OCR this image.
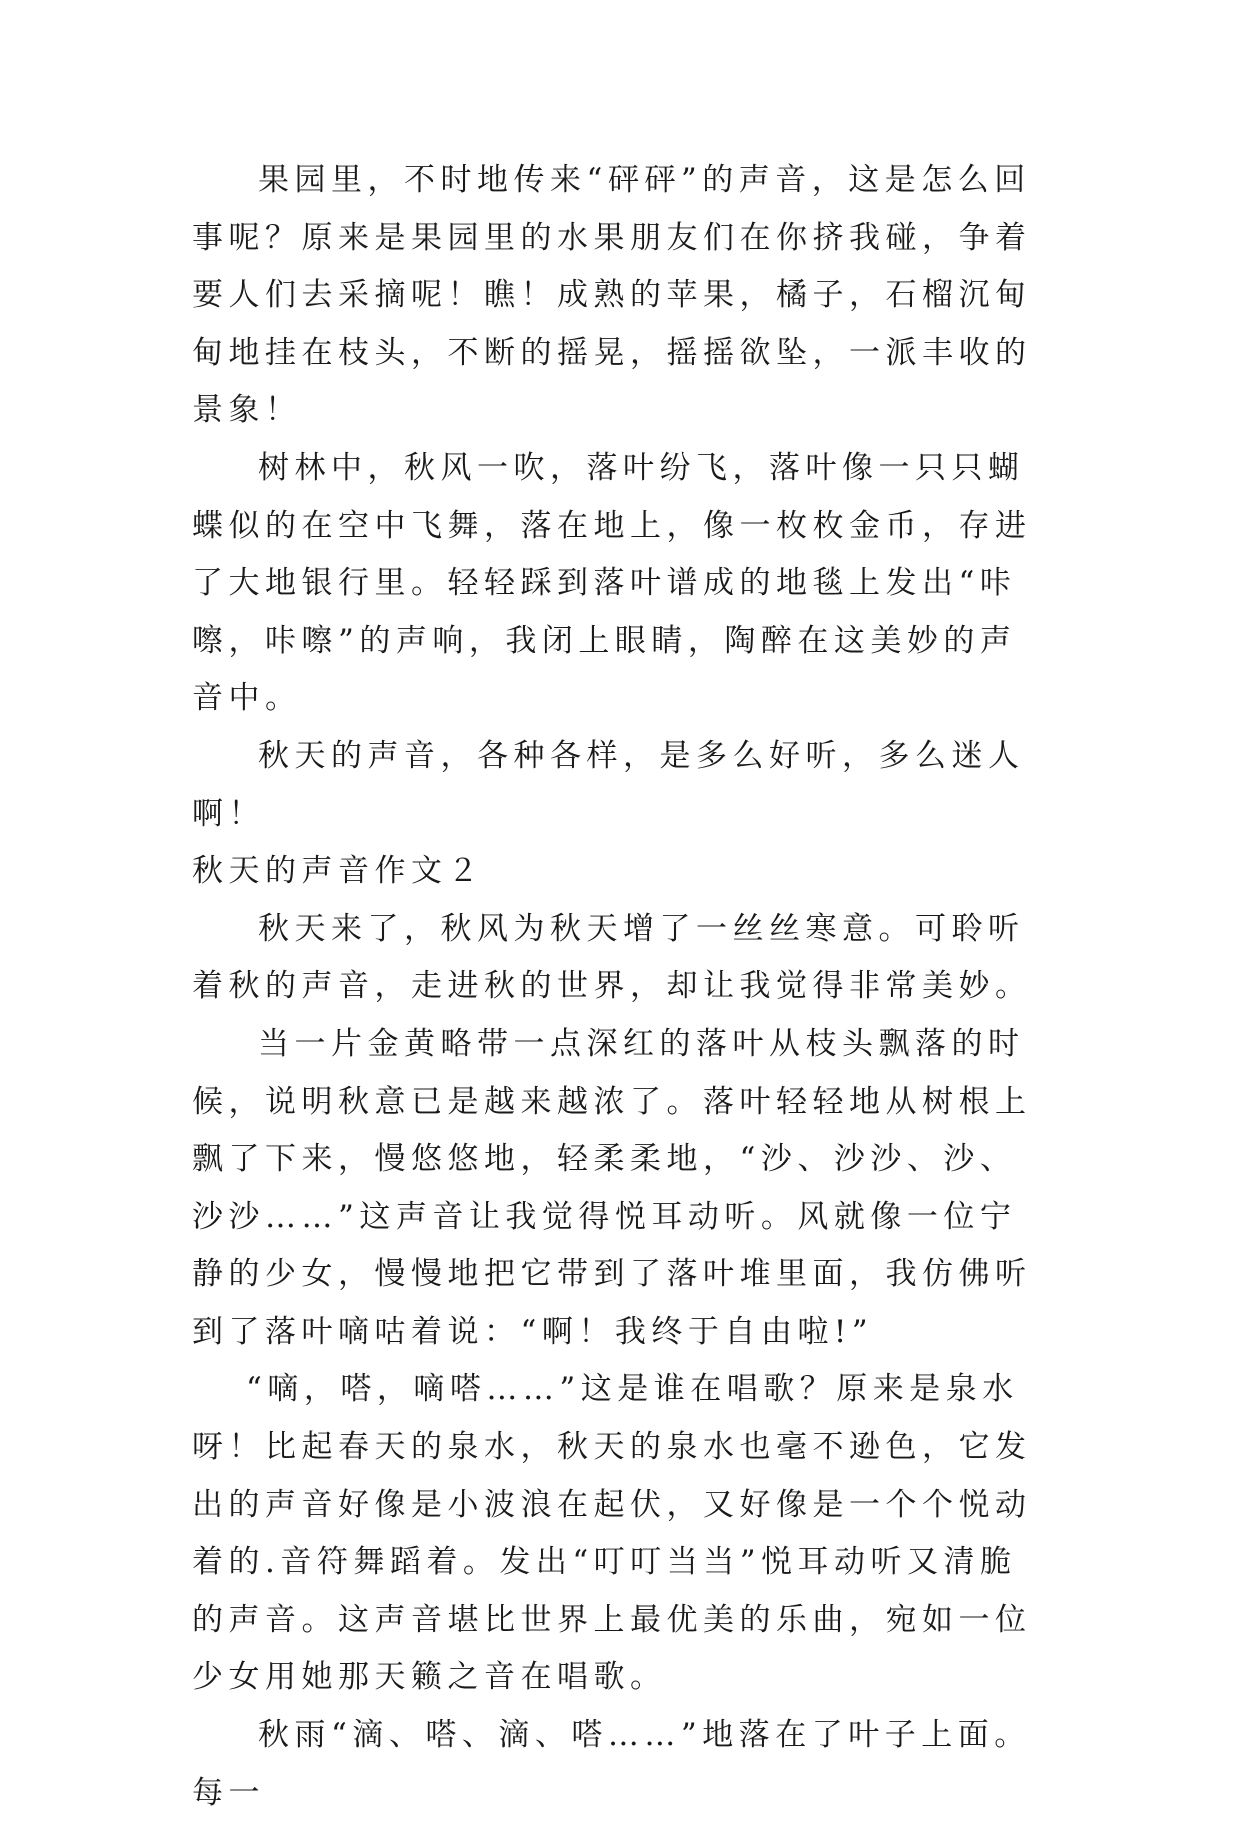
果园里，不时地传来“砰砰”的声音，这是怎么回事呢？原来是果园里的水果朋友们在你挤我碰，争着要人们去采摘呢！瞧！成熟的苹果，橘子，石榴沉甸甸地挂在枝头，不断的摇晃，摇摇欲坠，一派丰收的景象！

树林中，秋风一吹，落叶纷飞，落叶像一只只蝴蝶似的在空中飞舞，落在地上，像一枚枚金币，存进了大地银行里。轻轻踩到落叶谱成的地毯上发出“咔嚓，咔嚓”的声响，我闭上眼睛，陶醉在这美妙的声音中。

秋天的声音，各种各样，是多么好听，多么迷人啊！

秋天的声音作文２

秋天来了，秋风为秋天增了一丝丝寒意。可聆听着秋的声音，走进秋的世界，却让我觉得非常美妙。

当一片金黄略带一点深红的落叶从枝头飘落的时候，说明秋意已是越来越浓了。落叶轻轻地从树根上飘了下来，慢悠悠地，轻柔柔地，“沙、沙沙、沙、沙沙……”这声音让我觉得悦耳动听。风就像一位宁静的少女，慢慢地把它带到了落叶堆里面，我仿佛听到了落叶嘀咕着说：“啊！我终于自由啦!”

“嘀，嗒，嘀嗒……”这是谁在唱歌？原来是泉水呀！比起春天的泉水，秋天的泉水也毫不逊色，它发出的声音好像是小波浪在起伏，又好像是一个个悦动着的.音符舞蹈着。发出“叮叮当当”悦耳动听又清脆的声音。这声音堪比世界上最优美的乐曲，宛如一位少女用她那天籁之音在唱歌。

秋雨“滴、嗒、滴、嗒……”地落在了叶子上面。每一
